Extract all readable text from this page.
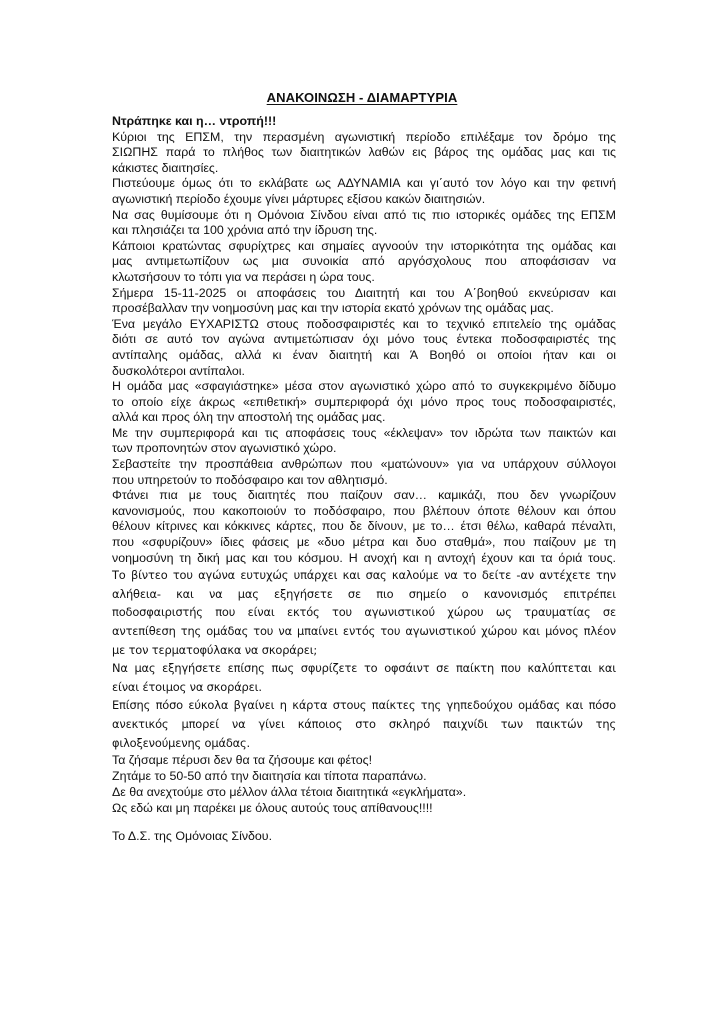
ΑΝΑΚΟΙΝΩΣΗ - ΔΙΑΜΑΡΤΥΡΙΑ
Ντράπηκε και η… ντροπή!!!
Κύριοι της ΕΠΣΜ, την περασμένη αγωνιστική περίοδο επιλέξαμε τον δρόμο της
ΣΙΩΠΗΣ παρά το πλήθος των διαιτητικών λαθών εις βάρος της ομάδας μας και τις
κάκιστες διαιτησίες.
Πιστεύουμε όμως ότι το εκλάβατε ως ΑΔΥΝΑΜΙΑ και γι΄αυτό τον λόγο και την φετινή
αγωνιστική περίοδο έχουμε γίνει μάρτυρες εξίσου κακών διαιτησιών.
Να σας θυμίσουμε ότι η Ομόνοια Σίνδου είναι από τις πιο ιστορικές ομάδες της ΕΠΣΜ
και πλησιάζει τα 100 χρόνια από την ίδρυση της.
Κάποιοι κρατώντας σφυρίχτρες και σημαίες αγνοούν την ιστορικότητα της ομάδας και
μας αντιμετωπίζουν ως μια συνοικία από αργόσχολους που αποφάσισαν να
κλωτσήσουν το τόπι για να περάσει η ώρα τους.
Σήμερα 15-11-2025 οι αποφάσεις του Διαιτητή και του Α΄βοηθού εκνεύρισαν και
προσέβαλλαν την νοημοσύνη μας και την ιστορία εκατό χρόνων της ομάδας μας.
Ένα μεγάλο ΕΥΧΑΡΙΣΤΩ στους ποδοσφαιριστές και το τεχνικό επιτελείο της ομάδας
διότι σε αυτό τον αγώνα αντιμετώπισαν όχι μόνο τους έντεκα ποδοσφαιριστές της
αντίπαλης ομάδας, αλλά κι έναν διαιτητή και Ά Βοηθό οι οποίοι ήταν και οι
δυσκολότεροι αντίπαλοι.
Η ομάδα μας «σφαγιάστηκε» μέσα στον αγωνιστικό χώρο από το συγκεκριμένο δίδυμο
το οποίο είχε άκρως «επιθετική» συμπεριφορά όχι μόνο προς τους ποδοσφαιριστές,
αλλά και προς όλη την αποστολή της ομάδας μας.
Με την συμπεριφορά και τις αποφάσεις τους «έκλεψαν» τον ιδρώτα των παικτών και
των προπονητών στον αγωνιστικό χώρο.
Σεβαστείτε την προσπάθεια ανθρώπων που «ματώνουν» για να υπάρχουν σύλλογοι
που υπηρετούν το ποδόσφαιρο και τον αθλητισμό.
Φτάνει πια με τους διαιτητές που παίζουν σαν… καμικάζι, που δεν γνωρίζουν
κανονισμούς, που κακοποιούν το ποδόσφαιρο, που βλέπουν όποτε θέλουν και όπου
θέλουν κίτρινες και κόκκινες κάρτες, που δε δίνουν, με το… έτσι θέλω, καθαρά πέναλτι,
που «σφυρίζουν» ίδιες φάσεις με «δυο μέτρα και δυο σταθμά», που παίζουν με τη
νοημοσύνη τη δική μας και του κόσμου. Η ανοχή και η αντοχή έχουν και τα όριά τους.
Το βίντεο του αγώνα ευτυχώς υπάρχει και σας καλούμε να το δείτε -αν αντέχετε την
αλήθεια- και να μας εξηγήσετε σε πιο σημείο ο κανονισμός επιτρέπει
ποδοσφαιριστής που είναι εκτός του αγωνιστικού χώρου ως τραυματίας σε
αντεπίθεση της ομάδας του να μπαίνει εντός του αγωνιστικού χώρου και μόνος πλέον
με τον τερματοφύλακα να σκοράρει;
Να μας εξηγήσετε επίσης πως σφυρίζετε το οφσάιντ σε παίκτη που καλύπτεται και
είναι έτοιμος να σκοράρει.
Επίσης πόσο εύκολα βγαίνει η κάρτα στους παίκτες της γηπεδούχου ομάδας και πόσο
ανεκτικός μπορεί να γίνει κάποιος στο σκληρό παιχνίδι των παικτών της
φιλοξενούμενης ομάδας.
Τα ζήσαμε πέρυσι δεν θα τα ζήσουμε και φέτος!
Ζητάμε το 50-50 από την διαιτησία και τίποτα παραπάνω.
Δε θα ανεχτούμε στο μέλλον άλλα τέτοια διαιτητικά «εγκλήματα».
Ως εδώ και μη παρέκει με όλους αυτούς τους απίθανους!!!!
Το Δ.Σ. της Ομόνοιας Σίνδου.
